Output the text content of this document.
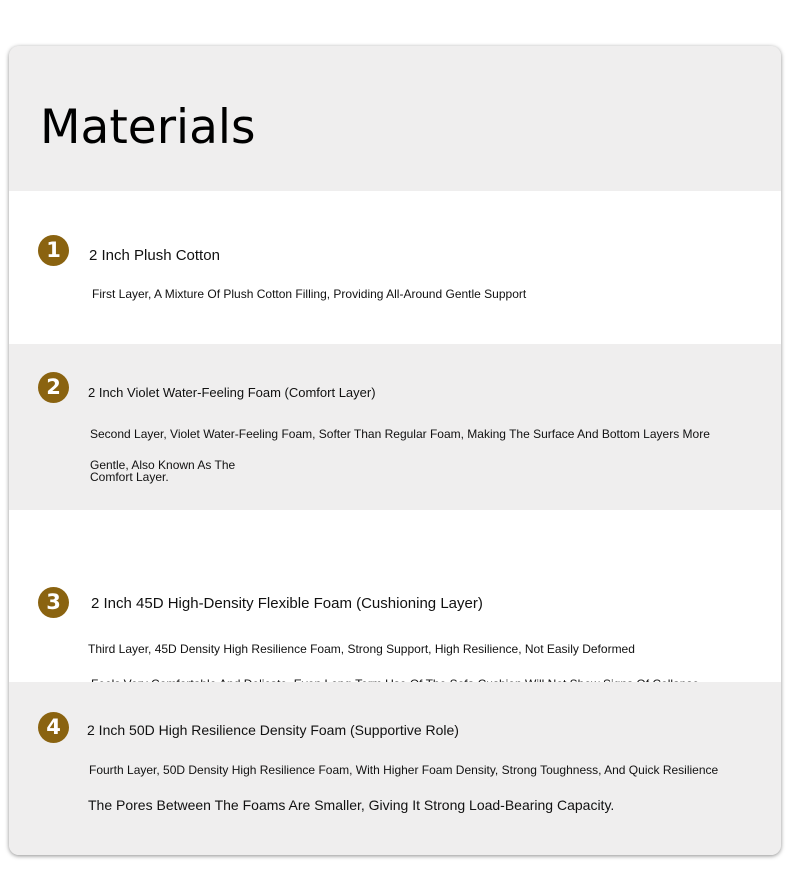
Materials
1	2 Inch Plush Cotton

First Layer, A Mixture Of Plush Cotton Filling, Providing All-Around Gentle Support

2	2 Inch Violet Water-Feeling Foam (Comfort Layer)

Second Layer, Violet Water-Feeling Foam, Softer Than Regular Foam, Making The Surface And Bottom Layers More

Gentle, Also Known As The

Comfort Layer.

3	2 Inch 45D High-Density Flexible Foam (Cushioning Layer)

Third Layer, 45D Density High Resilience Foam, Strong Support, High Resilience, Not Easily Deformed

4	2 Inch 50D High Resilience Density Foam (Supportive Role)

Fourth Layer, 50D Density High Resilience Foam, With Higher Foam Density, Strong Toughness, And Quick Resilience

The Pores Between The Foams Are Smaller, Giving It Strong Load-Bearing Capacity.
